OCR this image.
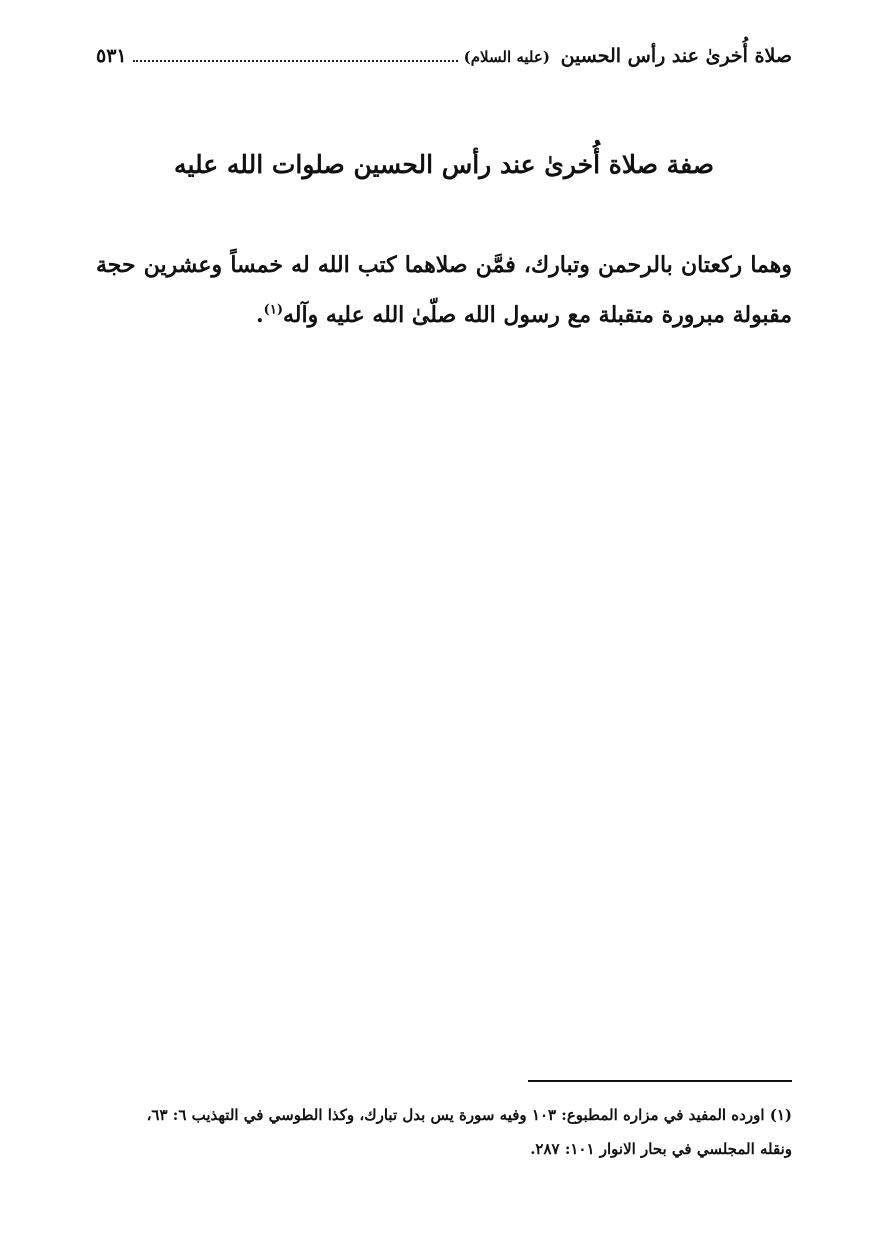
صلاة أُخرىٰ عند رأس الحسين (عليه السلام)
٥٣١
صفة صلاة أُخرىٰ عند رأس الحسين صلوات الله عليه
وهما ركعتان بالرحمن وتبارك، فمَّن صلاهما كتب الله له خمساً وعشرين حجة مقبولة مبرورة متقبلة مع رسول الله صلّىٰ الله عليه وآله$^{(١)}$.
(١) اورده المفيد في مزاره المطبوع: ١٠٣ وفيه سورة يس بدل تبارك، وكذا الطوسي في التهذيب ٦: ٦٣،
ونقله المجلسي في بحار الانوار ١٠١: ٢٨٧.
